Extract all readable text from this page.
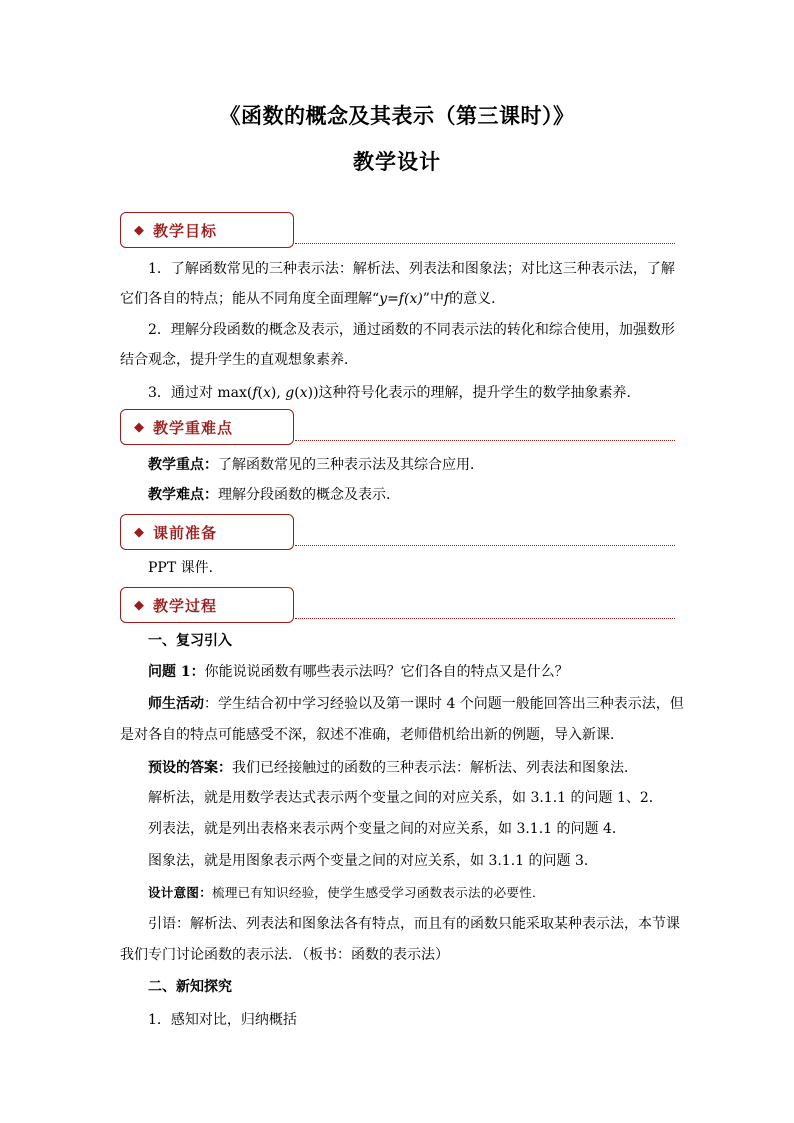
《函数的概念及其表示（第三课时）》
教学设计
◆ 教学目标
1．了解函数常见的三种表示法：解析法、列表法和图象法；对比这三种表示法，了解
它们各自的特点；能从不同角度全面理解“y=f(x)”中f的意义．
2．理解分段函数的概念及表示，通过函数的不同表示法的转化和综合使用，加强数形
结合观念，提升学生的直观想象素养．
3．通过对 max(f(x), g(x))这种符号化表示的理解，提升学生的数学抽象素养．
◆ 教学重难点
教学重点：了解函数常见的三种表示法及其综合应用．
教学难点：理解分段函数的概念及表示．
◆ 课前准备
PPT 课件．
◆ 教学过程
一、复习引入
问题 1：你能说说函数有哪些表示法吗？它们各自的特点又是什么？
师生活动：学生结合初中学习经验以及第一课时 4 个问题一般能回答出三种表示法，但
是对各自的特点可能感受不深，叙述不准确，老师借机给出新的例题，导入新课．
预设的答案：我们已经接触过的函数的三种表示法：解析法、列表法和图象法．
解析法，就是用数学表达式表示两个变量之间的对应关系，如 3.1.1 的问题 1、2．
列表法，就是列出表格来表示两个变量之间的对应关系，如 3.1.1 的问题 4．
图象法，就是用图象表示两个变量之间的对应关系，如 3.1.1 的问题 3．
设计意图：梳理已有知识经验，使学生感受学习函数表示法的必要性．
引语：解析法、列表法和图象法各有特点，而且有的函数只能采取某种表示法，本节课
我们专门讨论函数的表示法．（板书：函数的表示法）
二、新知探究
1．感知对比，归纳概括
